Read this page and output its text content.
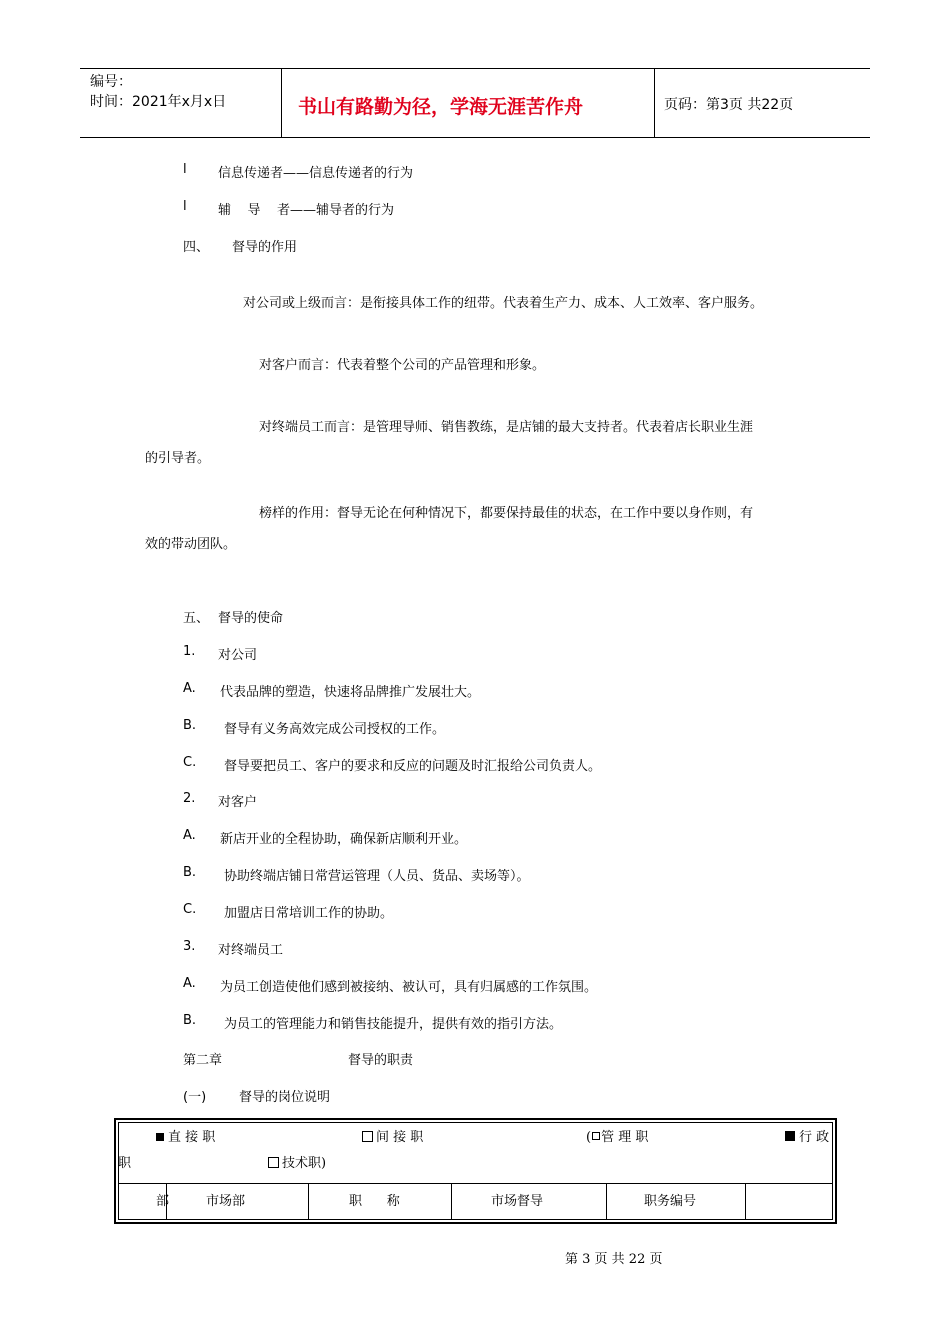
编号：
时间：2021年x月x日	书山有路勤为径，学海无涯苦作舟	页码：第3页 共22页
l 信息传递者——信息传递者的行为
l 辅    导    者——辅导者的行为
四、 督导的作用
对公司或上级而言：是衔接具体工作的纽带。代表着生产力、成本、人工效率、客户服务。
对客户而言：代表着整个公司的产品管理和形象。
对终端员工而言：是管理导师、销售教练，是店铺的最大支持者。代表着店长职业生涯
的引导者。
榜样的作用：督导无论在何种情况下，都要保持最佳的状态，在工作中要以身作则，有
效的带动团队。
五、 督导的使命
1. 对公司
A. 代表品牌的塑造，快速将品牌推广发展壮大。
B. 督导有义务高效完成公司授权的工作。
C. 督导要把员工、客户的要求和反应的问题及时汇报给公司负责人。
2. 对客户
A. 新店开业的全程协助，确保新店顺利开业。
B. 协助终端店铺日常营运管理（人员、货品、卖场等）。
C. 加盟店日常培训工作的协助。
3. 对终端员工
A. 为员工创造使他们感到被接纳、被认可，具有归属感的工作氛围。
B. 为员工的管理能力和销售技能提升，提供有效的指引方法。
第二章	督导的职责
(一)	督导的岗位说明
直 接 职	间 接 职	( 管 理 职	行 政
职	技术职)
部	市场部	职      称	市场督导	职务编号
第 3 页 共 22 页
